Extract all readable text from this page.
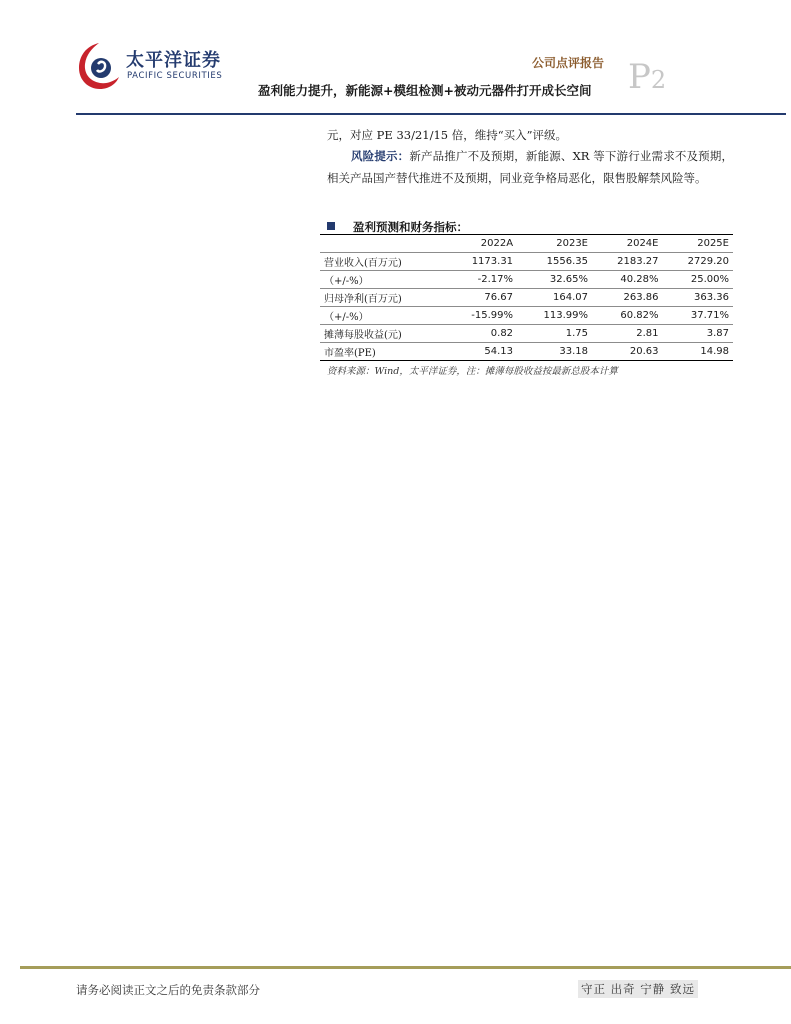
太平洋证券
PACIFIC SECURITIES
公司点评报告
盈利能力提升，新能源+模组检测+被动元器件打开成长空间 P2
元，对应 PE 33/21/15 倍，维持“买入”评级。
风险提示：新产品推广不及预期，新能源、XR 等下游行业需求不及预期，相关产品国产替代推进不及预期，同业竞争格局恶化，限售股解禁风险等。
盈利预测和财务指标：
	2022A	2023E	2024E	2025E
营业收入(百万元)	1173.31	1556.35	2183.27	2729.20
（+/-%）	-2.17%	32.65%	40.28%	25.00%
归母净利(百万元)	76.67	164.07	263.86	363.36
（+/-%）	-15.99%	113.99%	60.82%	37.71%
摊薄每股收益(元)	0.82	1.75	2.81	3.87
市盈率(PE)	54.13	33.18	20.63	14.98
资料来源：Wind，太平洋证券，注：摊薄每股收益按最新总股本计算
请务必阅读正文之后的免责条款部分	守正 出奇 宁静 致远
